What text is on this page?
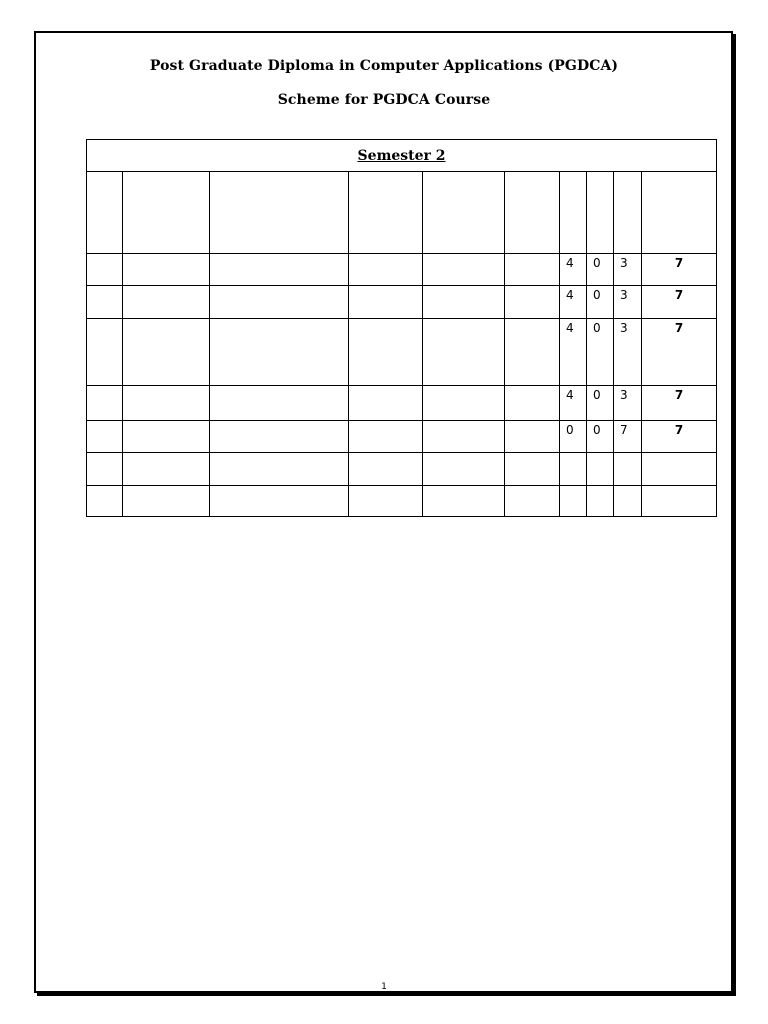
Post Graduate Diploma in Computer Applications (PGDCA)
Scheme for PGDCA Course
Semester 2									

						4	0	3	7
						4	0	3	7
						4	0	3	7
						4	0	3	7
						0	0	7	7

1
